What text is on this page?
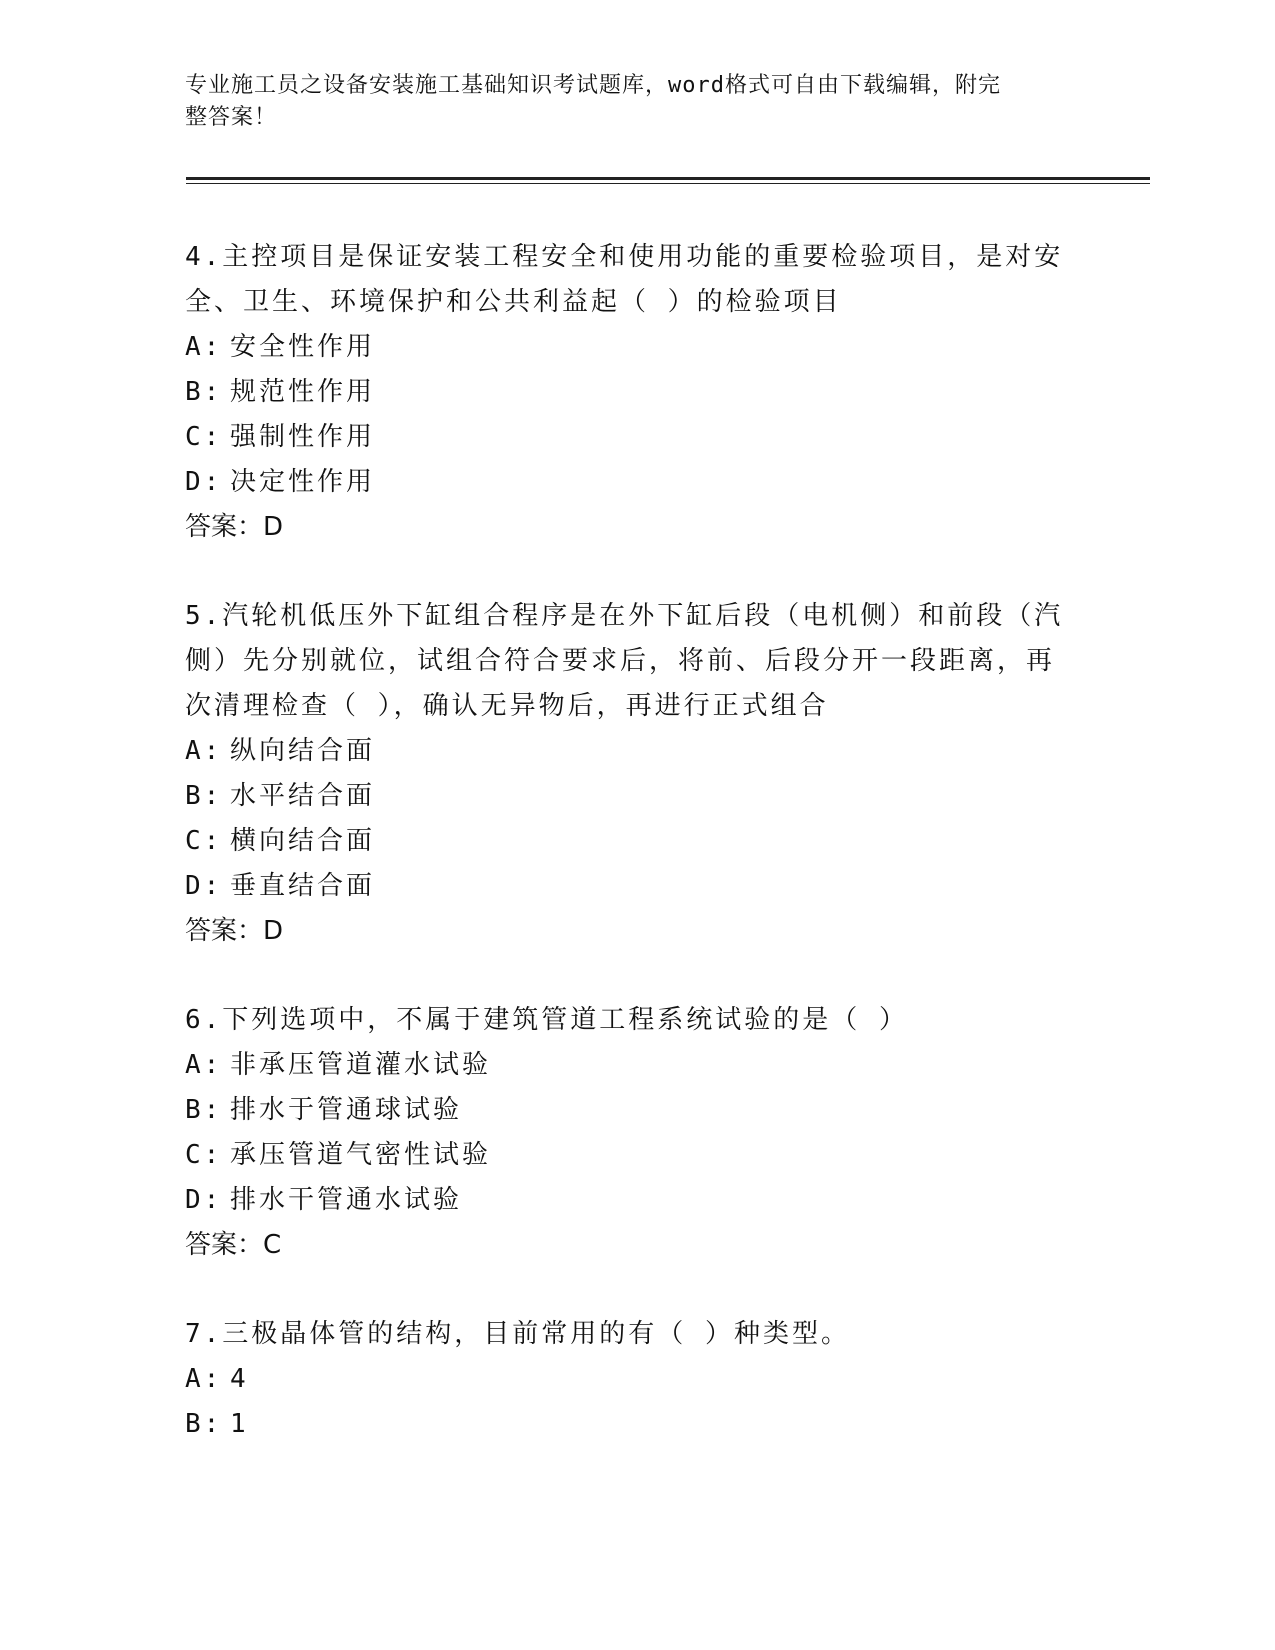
专业施工员之设备安装施工基础知识考试题库，word格式可自由下载编辑，附完
整答案！

4.主控项目是保证安装工程安全和使用功能的重要检验项目，是对安全、卫生、环境保护和公共利益起（ ）的检验项目

A: 安全性作用

B: 规范性作用

C: 强制性作用

D: 决定性作用

答案：D

5.汽轮机低压外下缸组合程序是在外下缸后段（电机侧）和前段（汽侧）先分别就位，试组合符合要求后，将前、后段分开一段距离，再次清理检查（ ），确认无异物后，再进行正式组合

A: 纵向结合面

B: 水平结合面

C: 横向结合面

D: 垂直结合面

答案：D

6.下列选项中，不属于建筑管道工程系统试验的是（ ）

A: 非承压管道灌水试验

B: 排水于管通球试验

C: 承压管道气密性试验

D: 排水干管通水试验

答案：C

7.三极晶体管的结构，目前常用的有（ ）种类型。

A: 4

B: 1
